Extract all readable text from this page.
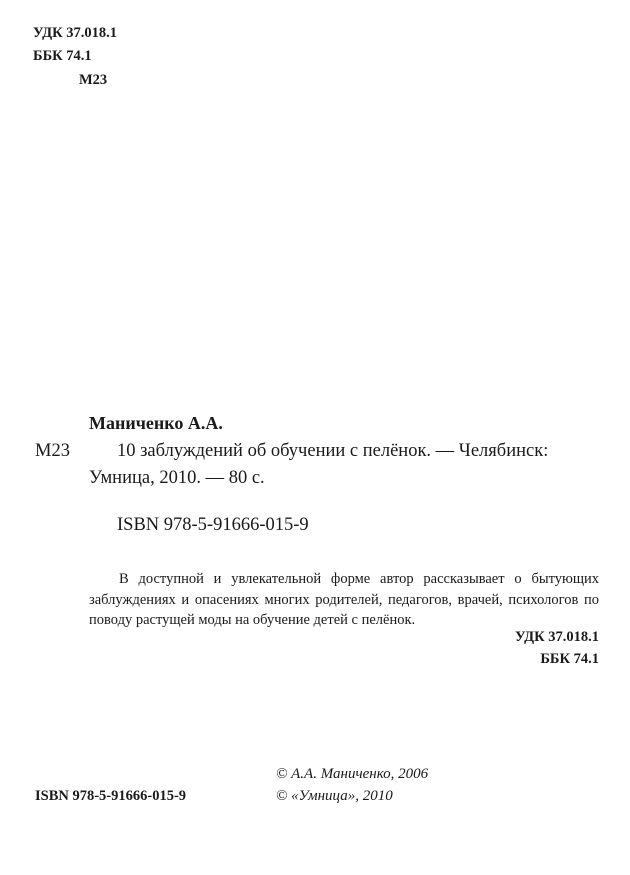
УДК 37.018.1
ББК 74.1
М23
Маниченко А.А.
М23	10 заблуждений об обучении с пелёнок. — Челябинск:
Умница, 2010. — 80 с.
ISBN 978-5-91666-015-9
В доступной и увлекательной форме автор рассказывает о бытующих заблуждениях и опасениях многих родителей, педагогов, врачей, психологов по поводу растущей моды на обучение детей с пелёнок.
УДК 37.018.1
ББК 74.1
© А.А. Маниченко, 2006
© «Умница», 2010
ISBN 978-5-91666-015-9
